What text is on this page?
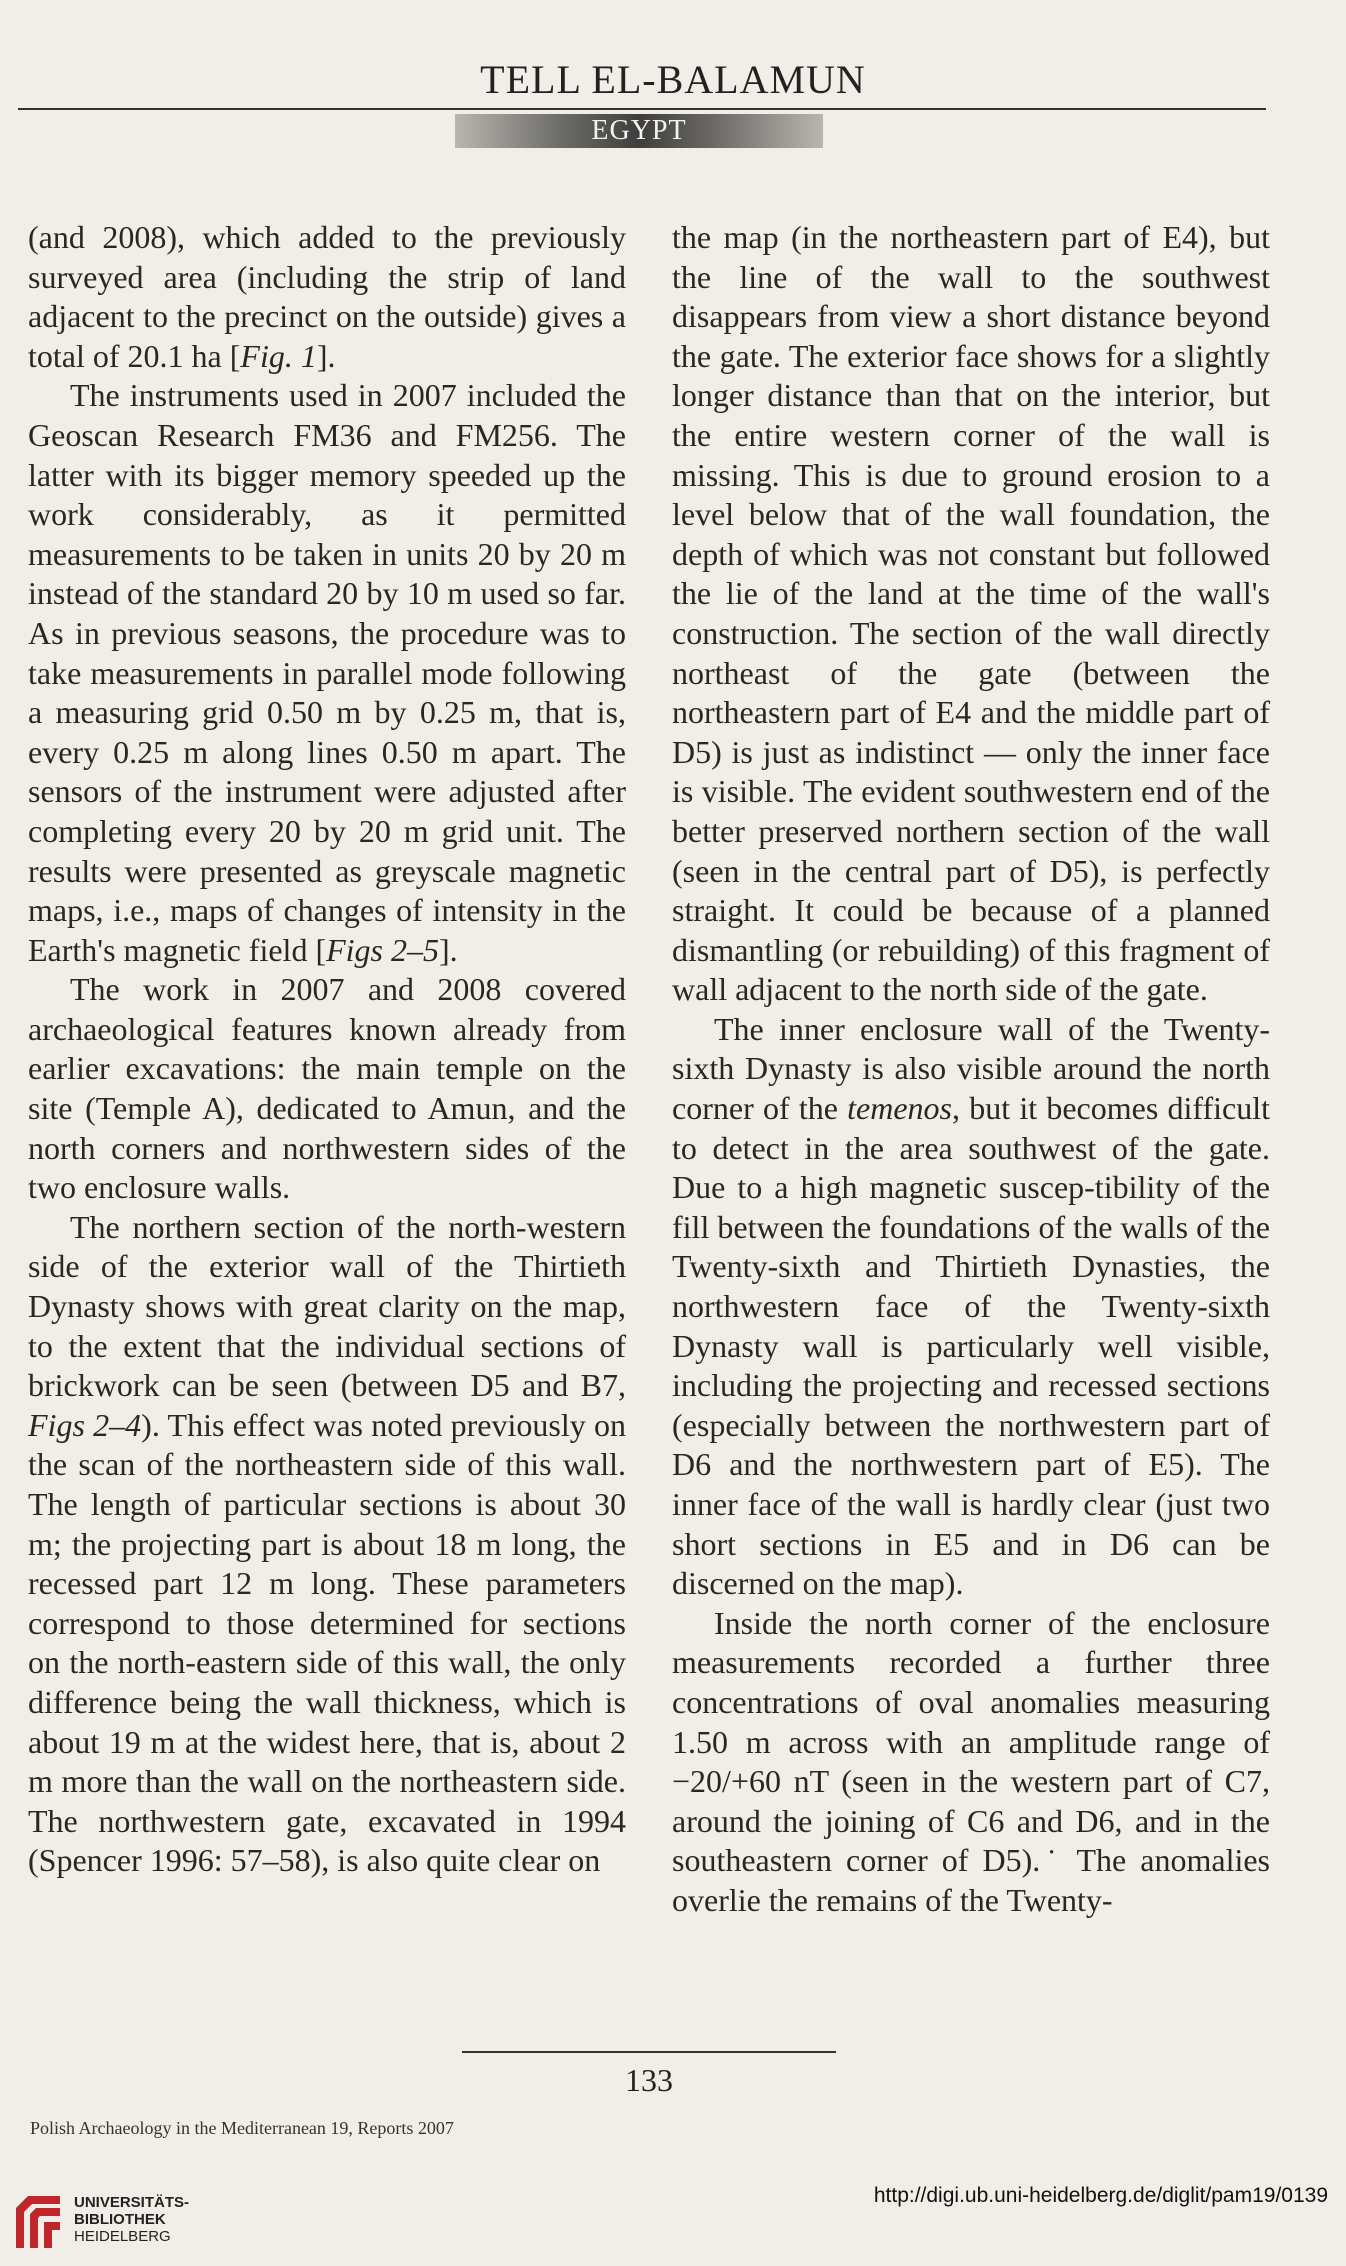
TELL EL-BALAMUN
EGYPT

(and 2008), which added to the previously surveyed area (including the strip of land adjacent to the precinct on the outside) gives a total of 20.1 ha [Fig. 1].

The instruments used in 2007 included the Geoscan Research FM36 and FM256. The latter with its bigger memory speeded up the work considerably, as it permitted measurements to be taken in units 20 by 20 m instead of the standard 20 by 10 m used so far. As in previous seasons, the procedure was to take measurements in parallel mode following a measuring grid 0.50 m by 0.25 m, that is, every 0.25 m along lines 0.50 m apart. The sensors of the instrument were adjusted after completing every 20 by 20 m grid unit. The results were presented as greyscale magnetic maps, i.e., maps of changes of intensity in the Earth's magnetic field [Figs 2–5].

The work in 2007 and 2008 covered archaeological features known already from earlier excavations: the main temple on the site (Temple A), dedicated to Amun, and the north corners and northwestern sides of the two enclosure walls.

The northern section of the north-western side of the exterior wall of the Thirtieth Dynasty shows with great clarity on the map, to the extent that the individual sections of brickwork can be seen (between D5 and B7, Figs 2–4). This effect was noted previously on the scan of the northeastern side of this wall. The length of particular sections is about 30 m; the projecting part is about 18 m long, the recessed part 12 m long. These parameters correspond to those determined for sections on the north-eastern side of this wall, the only difference being the wall thickness, which is about 19 m at the widest here, that is, about 2 m more than the wall on the northeastern side. The northwestern gate, excavated in 1994 (Spencer 1996: 57–58), is also quite clear on

the map (in the northeastern part of E4), but the line of the wall to the southwest disappears from view a short distance beyond the gate. The exterior face shows for a slightly longer distance than that on the interior, but the entire western corner of the wall is missing. This is due to ground erosion to a level below that of the wall foundation, the depth of which was not constant but followed the lie of the land at the time of the wall's construction. The section of the wall directly northeast of the gate (between the northeastern part of E4 and the middle part of D5) is just as indistinct — only the inner face is visible. The evident southwestern end of the better preserved northern section of the wall (seen in the central part of D5), is perfectly straight. It could be because of a planned dismantling (or rebuilding) of this fragment of wall adjacent to the north side of the gate.

The inner enclosure wall of the Twenty-sixth Dynasty is also visible around the north corner of the temenos, but it becomes difficult to detect in the area southwest of the gate. Due to a high magnetic suscep-tibility of the fill between the foundations of the walls of the Twenty-sixth and Thirtieth Dynasties, the northwestern face of the Twenty-sixth Dynasty wall is particularly well visible, including the projecting and recessed sections (especially between the northwestern part of D6 and the northwestern part of E5). The inner face of the wall is hardly clear (just two short sections in E5 and in D6 can be discerned on the map).

Inside the north corner of the enclosure measurements recorded a further three concentrations of oval anomalies measuring 1.50 m across with an amplitude range of −20/+60 nT (seen in the western part of C7, around the joining of C6 and D6, and in the southeastern corner of D5).˙ The anomalies overlie the remains of the Twenty-

133
Polish Archaeology in the Mediterranean 19, Reports 2007
UNIVERSITÄTS-
BIBLIOTHEK
HEIDELBERG
http://digi.ub.uni-heidelberg.de/diglit/pam19/0139
